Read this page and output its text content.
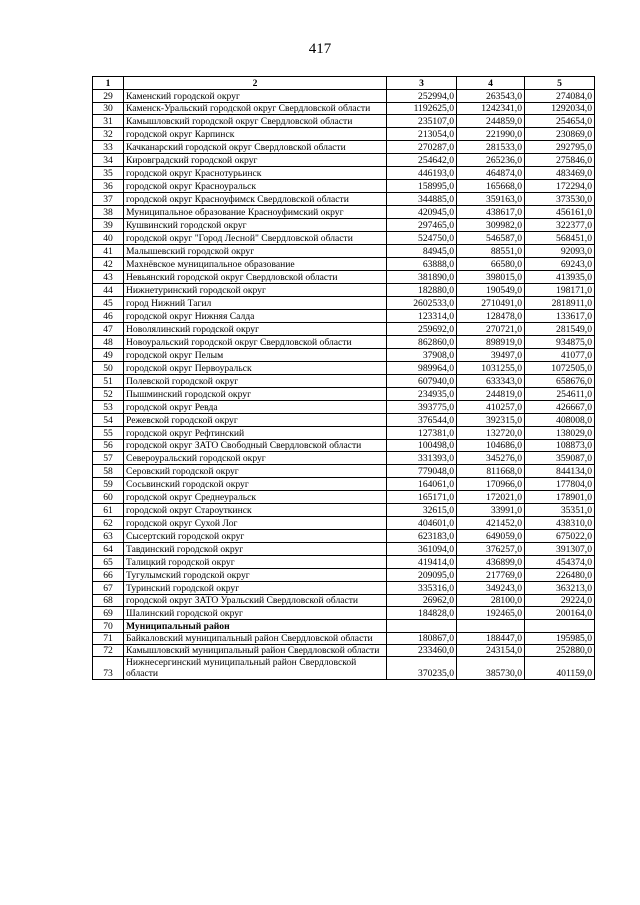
417
1	2	3	4	5
29	Каменский городской округ	252994,0	263543,0	274084,0
30	Каменск-Уральский городской округ Свердловской области	1192625,0	1242341,0	1292034,0
31	Камышловский городской округ Свердловской области	235107,0	244859,0	254654,0
32	городской округ Карпинск	213054,0	221990,0	230869,0
33	Качканарский городской округ Свердловской области	270287,0	281533,0	292795,0
34	Кировградский городской округ	254642,0	265236,0	275846,0
35	городской округ Краснотурьинск	446193,0	464874,0	483469,0
36	городской округ Красноуральск	158995,0	165668,0	172294,0
37	городской округ Красноуфимск Свердловской области	344885,0	359163,0	373530,0
38	Муниципальное образование Красноуфимский округ	420945,0	438617,0	456161,0
39	Кушвинский городской округ	297465,0	309982,0	322377,0
40	городской округ "Город Лесной" Свердловской области	524750,0	546587,0	568451,0
41	Малышевский городской округ	84945,0	88551,0	92093,0
42	Махнёвское муниципальное образование	63888,0	66580,0	69243,0
43	Невьянский городской округ Свердловской области	381890,0	398015,0	413935,0
44	Нижнетуринский городской округ	182880,0	190549,0	198171,0
45	город Нижний Тагил	2602533,0	2710491,0	2818911,0
46	городской округ Нижняя Салда	123314,0	128478,0	133617,0
47	Новолялинский городской округ	259692,0	270721,0	281549,0
48	Новоуральский городской округ Свердловской области	862860,0	898919,0	934875,0
49	городской округ Пелым	37908,0	39497,0	41077,0
50	городской округ Первоуральск	989964,0	1031255,0	1072505,0
51	Полевской городской округ	607940,0	633343,0	658676,0
52	Пышминский городской округ	234935,0	244819,0	254611,0
53	городской округ Ревда	393775,0	410257,0	426667,0
54	Режевской городской округ	376544,0	392315,0	408008,0
55	городской округ Рефтинский	127381,0	132720,0	138029,0
56	городской округ ЗАТО Свободный Свердловской области	100498,0	104686,0	108873,0
57	Североуральский городской округ	331393,0	345276,0	359087,0
58	Серовский городской округ	779048,0	811668,0	844134,0
59	Сосьвинский городской округ	164061,0	170966,0	177804,0
60	городской округ Среднеуральск	165171,0	172021,0	178901,0
61	городской округ Староуткинск	32615,0	33991,0	35351,0
62	городской округ Сухой Лог	404601,0	421452,0	438310,0
63	Сысертский городской округ	623183,0	649059,0	675022,0
64	Тавдинский городской округ	361094,0	376257,0	391307,0
65	Талицкий городской округ	419414,0	436899,0	454374,0
66	Тугулымский городской округ	209095,0	217769,0	226480,0
67	Туринский городской округ	335316,0	349243,0	363213,0
68	городской округ ЗАТО Уральский Свердловской области	26962,0	28100,0	29224,0
69	Шалинский городской округ	184828,0	192465,0	200164,0
70	Муниципальный район			
71	Байкаловский муниципальный район Свердловской области	180867,0	188447,0	195985,0
72	Камышловский муниципальный район Свердловской области	233460,0	243154,0	252880,0
73	Нижнесергинский муниципальный район Свердловской области	370235,0	385730,0	401159,0
